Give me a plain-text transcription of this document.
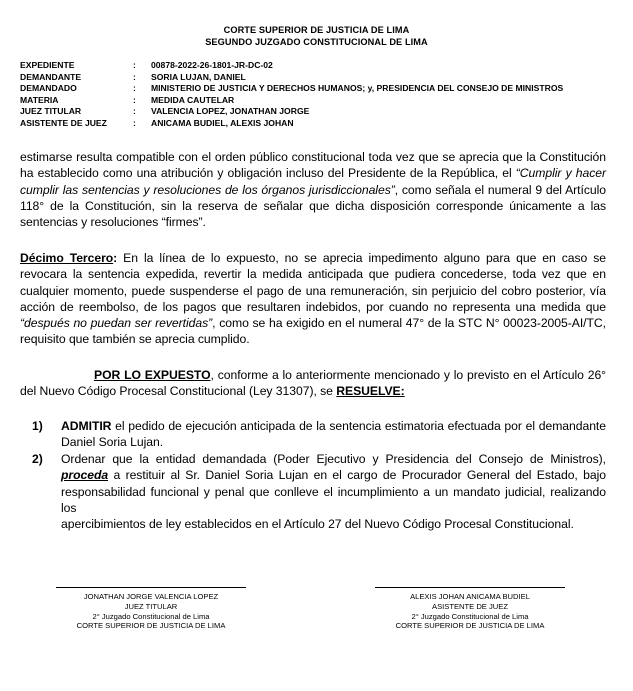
CORTE SUPERIOR DE JUSTICIA DE LIMA
SEGUNDO JUZGADO CONSTITUCIONAL DE LIMA
EXPEDIENTE	:	00878-2022-26-1801-JR-DC-02
DEMANDANTE	:	SORIA LUJAN, DANIEL
DEMANDADO	:	MINISTERIO DE JUSTICIA Y DERECHOS HUMANOS; y, PRESIDENCIA DEL CONSEJO DE MINISTROS
MATERIA	:	MEDIDA CAUTELAR
JUEZ TITULAR	:	VALENCIA LOPEZ, JONATHAN JORGE
ASISTENTE DE JUEZ	:	ANICAMA BUDIEL, ALEXIS JOHAN
estimarse resulta compatible con el orden público constitucional toda vez que se aprecia que la Constitución
ha establecido como una atribución y obligación incluso del Presidente de la República, el “Cumplir y hacer
cumplir las sentencias y resoluciones de los órganos jurisdiccionales”, como señala el numeral 9 del Artículo
118° de la Constitución, sin la reserva de señalar que dicha disposición corresponde únicamente a las
sentencias y resoluciones “firmes”.
Décimo Tercero: En la línea de lo expuesto, no se aprecia impedimento alguno para que en caso se
revocara la sentencia expedida, revertir la medida anticipada que pudiera concederse, toda vez que en
cualquier momento, puede suspenderse el pago de una remuneración, sin perjuicio del cobro posterior, vía
acción de reembolso, de los pagos que resultaren indebidos, por cuando no representa una medida que
“después no puedan ser revertidas”, como se ha exigido en el numeral 47° de la STC N° 00023-2005-AI/TC,
requisito que también se aprecia cumplido.
POR LO EXPUESTO, conforme a lo anteriormente mencionado y lo previsto en el Artículo 26°
del Nuevo Código Procesal Constitucional (Ley 31307), se RESUELVE:
1) ADMITIR el pedido de ejecución anticipada de la sentencia estimatoria efectuada por el demandante
Daniel Soria Lujan.
2) Ordenar que la entidad demandada (Poder Ejecutivo y Presidencia del Consejo de Ministros),
proceda a restituir al Sr. Daniel Soria Lujan en el cargo de Procurador General del Estado, bajo
responsabilidad funcional y penal que conlleve el incumplimiento a un mandato judicial, realizando los
apercibimientos de ley establecidos en el Artículo 27 del Nuevo Código Procesal Constitucional.
JONATHAN JORGE VALENCIA LOPEZ
JUEZ TITULAR
2° Juzgado Constitucional de Lima
CORTE SUPERIOR DE JUSTICIA DE LIMA
ALEXIS JOHAN ANICAMA BUDIEL
ASISTENTE DE JUEZ
2° Juzgado Constitucional de Lima
CORTE SUPERIOR DE JUSTICIA DE LIMA
